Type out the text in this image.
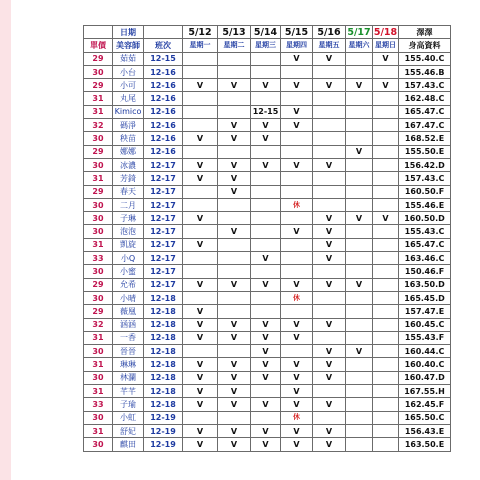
	日期		5/12	5/13	5/14	5/15	5/16	5/17	5/18	澤澤
單價	美容師	班次	星期一	星期二	星期三	星期四	星期五	星期六	星期日	身高資料
29	茹茹	12-15				V	V		V	155.40.C
30	小台	12-16								155.46.B
29	小可	12-16	V	V	V	V	V	V	V	157.43.C
31	丸尾	12-16								162.48.C
31	Kimico	12-16			12-15	V				165.47.C
32	碼淨	12-16		V	V	V				167.47.C
30	秧苗	12-16	V	V	V					168.52.E
29	娜娜	12-16						V		155.50.E
30	冰濃	12-17	V	V	V	V	V			156.42.D
31	芳錡	12-17	V	V						157.43.C
29	春天	12-17		V						160.50.F
30	二月	12-17				休				155.46.E
30	子琳	12-17	V				V	V	V	160.50.D
30	泡泡	12-17		V		V	V			155.43.C
31	凱旋	12-17	V				V			165.47.C
33	小Q	12-17			V		V			163.46.C
30	小蜜	12-17								150.46.F
29	允希	12-17	V	V	V	V	V	V		163.50.D
30	小晴	12-18				休				165.45.D
29	薇凰	12-18	V							157.47.E
32	涵涵	12-18	V	V	V	V	V			160.45.C
31	一香	12-18	V	V	V	V				155.43.F
30	晉晉	12-18			V		V	V		160.44.C
31	琳琳	12-18	V	V	V	V	V			160.40.C
30	林瀾	12-18	V	V	V	V	V			160.47.D
31	芊芊	12-18	V	V		V				167.55.H
33	子瑜	12-18	V	V	V	V	V			162.45.F
30	小虹	12-19				休				165.50.C
31	舒妃	12-19	V	V	V	V	V			156.43.E
30	麒田	12-19	V	V	V	V	V			163.50.E
